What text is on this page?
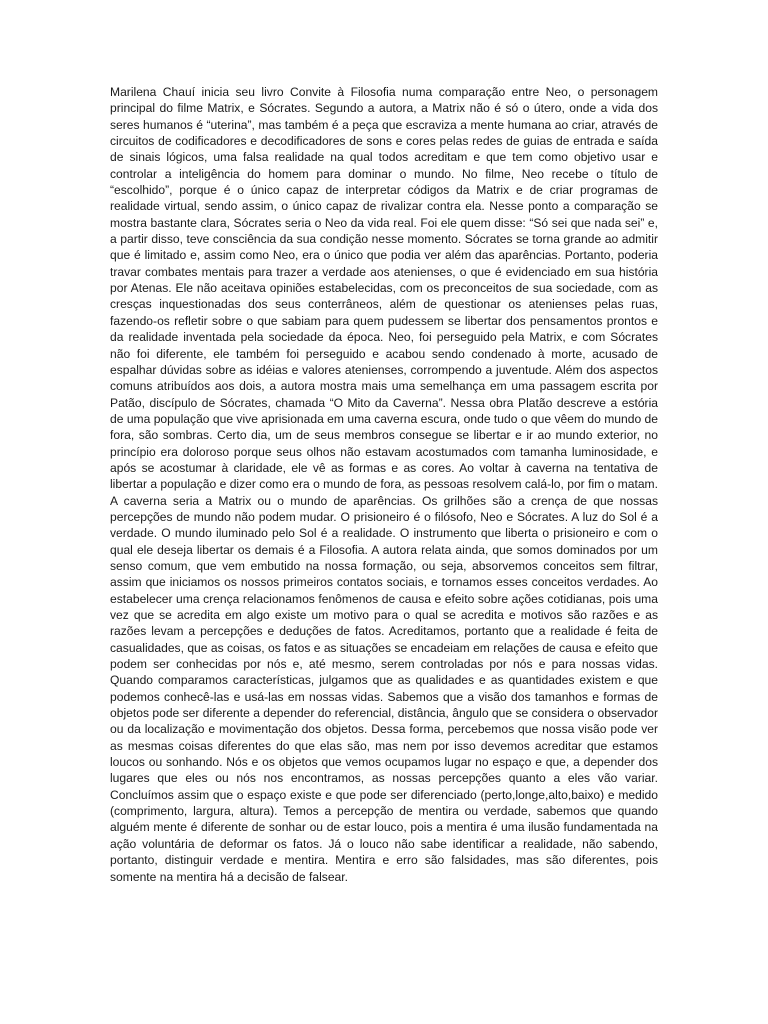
Marilena Chauí inicia seu livro Convite à Filosofia numa comparação entre Neo, o personagem principal do filme Matrix, e Sócrates. Segundo a autora, a Matrix não é só o útero, onde a vida dos seres humanos é “uterina”, mas também é a peça que escraviza a mente humana ao criar, através de circuitos de codificadores e decodificadores de sons e cores pelas redes de guias de entrada e saída de sinais lógicos, uma falsa realidade na qual todos acreditam e que tem como objetivo usar e controlar a inteligência do homem para dominar o mundo. No filme, Neo recebe o título de “escolhido”, porque é o único capaz de interpretar códigos da Matrix e de criar programas de realidade virtual, sendo assim, o único capaz de rivalizar contra ela. Nesse ponto a comparação se mostra bastante clara, Sócrates seria o Neo da vida real. Foi ele quem disse: “Só sei que nada sei” e, a partir disso, teve consciência da sua condição nesse momento. Sócrates se torna grande ao admitir que é limitado e, assim como Neo, era o único que podia ver além das aparências. Portanto, poderia travar combates mentais para trazer a verdade aos atenienses, o que é evidenciado em sua história por Atenas. Ele não aceitava opiniões estabelecidas, com os preconceitos de sua sociedade, com as cresças inquestionadas dos seus conterrâneos, além de questionar os atenienses pelas ruas, fazendo-os refletir sobre o que sabiam para quem pudessem se libertar dos pensamentos prontos e da realidade inventada pela sociedade da época. Neo, foi perseguido pela Matrix, e com Sócrates não foi diferente, ele também foi perseguido e acabou sendo condenado à morte, acusado de espalhar dúvidas sobre as idéias e valores atenienses, corrompendo a juventude. Além dos aspectos comuns atribuídos aos dois, a autora mostra mais uma semelhança em uma passagem escrita por Patão, discípulo de Sócrates, chamada “O Mito da Caverna”. Nessa obra Platão descreve a estória de uma população que vive aprisionada em uma caverna escura, onde tudo o que vêem do mundo de fora, são sombras. Certo dia, um de seus membros consegue se libertar e ir ao mundo exterior, no princípio era doloroso porque seus olhos não estavam acostumados com tamanha luminosidade, e após se acostumar à claridade, ele vê as formas e as cores. Ao voltar à caverna na tentativa de libertar a população e dizer como era o mundo de fora, as pessoas resolvem calá-lo, por fim o matam. A caverna seria a Matrix ou o mundo de aparências. Os grilhões são a crença de que nossas percepções de mundo não podem mudar. O prisioneiro é o filósofo, Neo e Sócrates. A luz do Sol é a verdade. O mundo iluminado pelo Sol é a realidade. O instrumento que liberta o prisioneiro e com o qual ele deseja libertar os demais é a Filosofia. A autora relata ainda, que somos dominados por um senso comum, que vem embutido na nossa formação, ou seja, absorvemos conceitos sem filtrar, assim que iniciamos os nossos primeiros contatos sociais, e tornamos esses conceitos verdades. Ao estabelecer uma crença relacionamos fenômenos de causa e efeito sobre ações cotidianas, pois uma vez que se acredita em algo existe um motivo para o qual se acredita e motivos são razões e as razões levam a percepções e deduções de fatos. Acreditamos, portanto que a realidade é feita de casualidades, que as coisas, os fatos e as situações se encadeiam em relações de causa e efeito que podem ser conhecidas por nós e, até mesmo, serem controladas por nós e para nossas vidas. Quando comparamos características, julgamos que as qualidades e as quantidades existem e que podemos conhecê-las e usá-las em nossas vidas. Sabemos que a visão dos tamanhos e formas de objetos pode ser diferente a depender do referencial, distância, ângulo que se considera o observador ou da localização e movimentação dos objetos. Dessa forma, percebemos que nossa visão pode ver as mesmas coisas diferentes do que elas são, mas nem por isso devemos acreditar que estamos loucos ou sonhando. Nós e os objetos que vemos ocupamos lugar no espaço e que, a depender dos lugares que eles ou nós nos encontramos, as nossas percepções quanto a eles vão variar. Concluímos assim que o espaço existe e que pode ser diferenciado (perto,longe,alto,baixo) e medido (comprimento, largura, altura). Temos a percepção de mentira ou verdade, sabemos que quando alguém mente é diferente de sonhar ou de estar louco, pois a mentira é uma ilusão fundamentada na ação voluntária de deformar os fatos. Já o louco não sabe identificar a realidade, não sabendo, portanto, distinguir verdade e mentira. Mentira e erro são falsidades, mas são diferentes, pois somente na mentira há a decisão de falsear.
